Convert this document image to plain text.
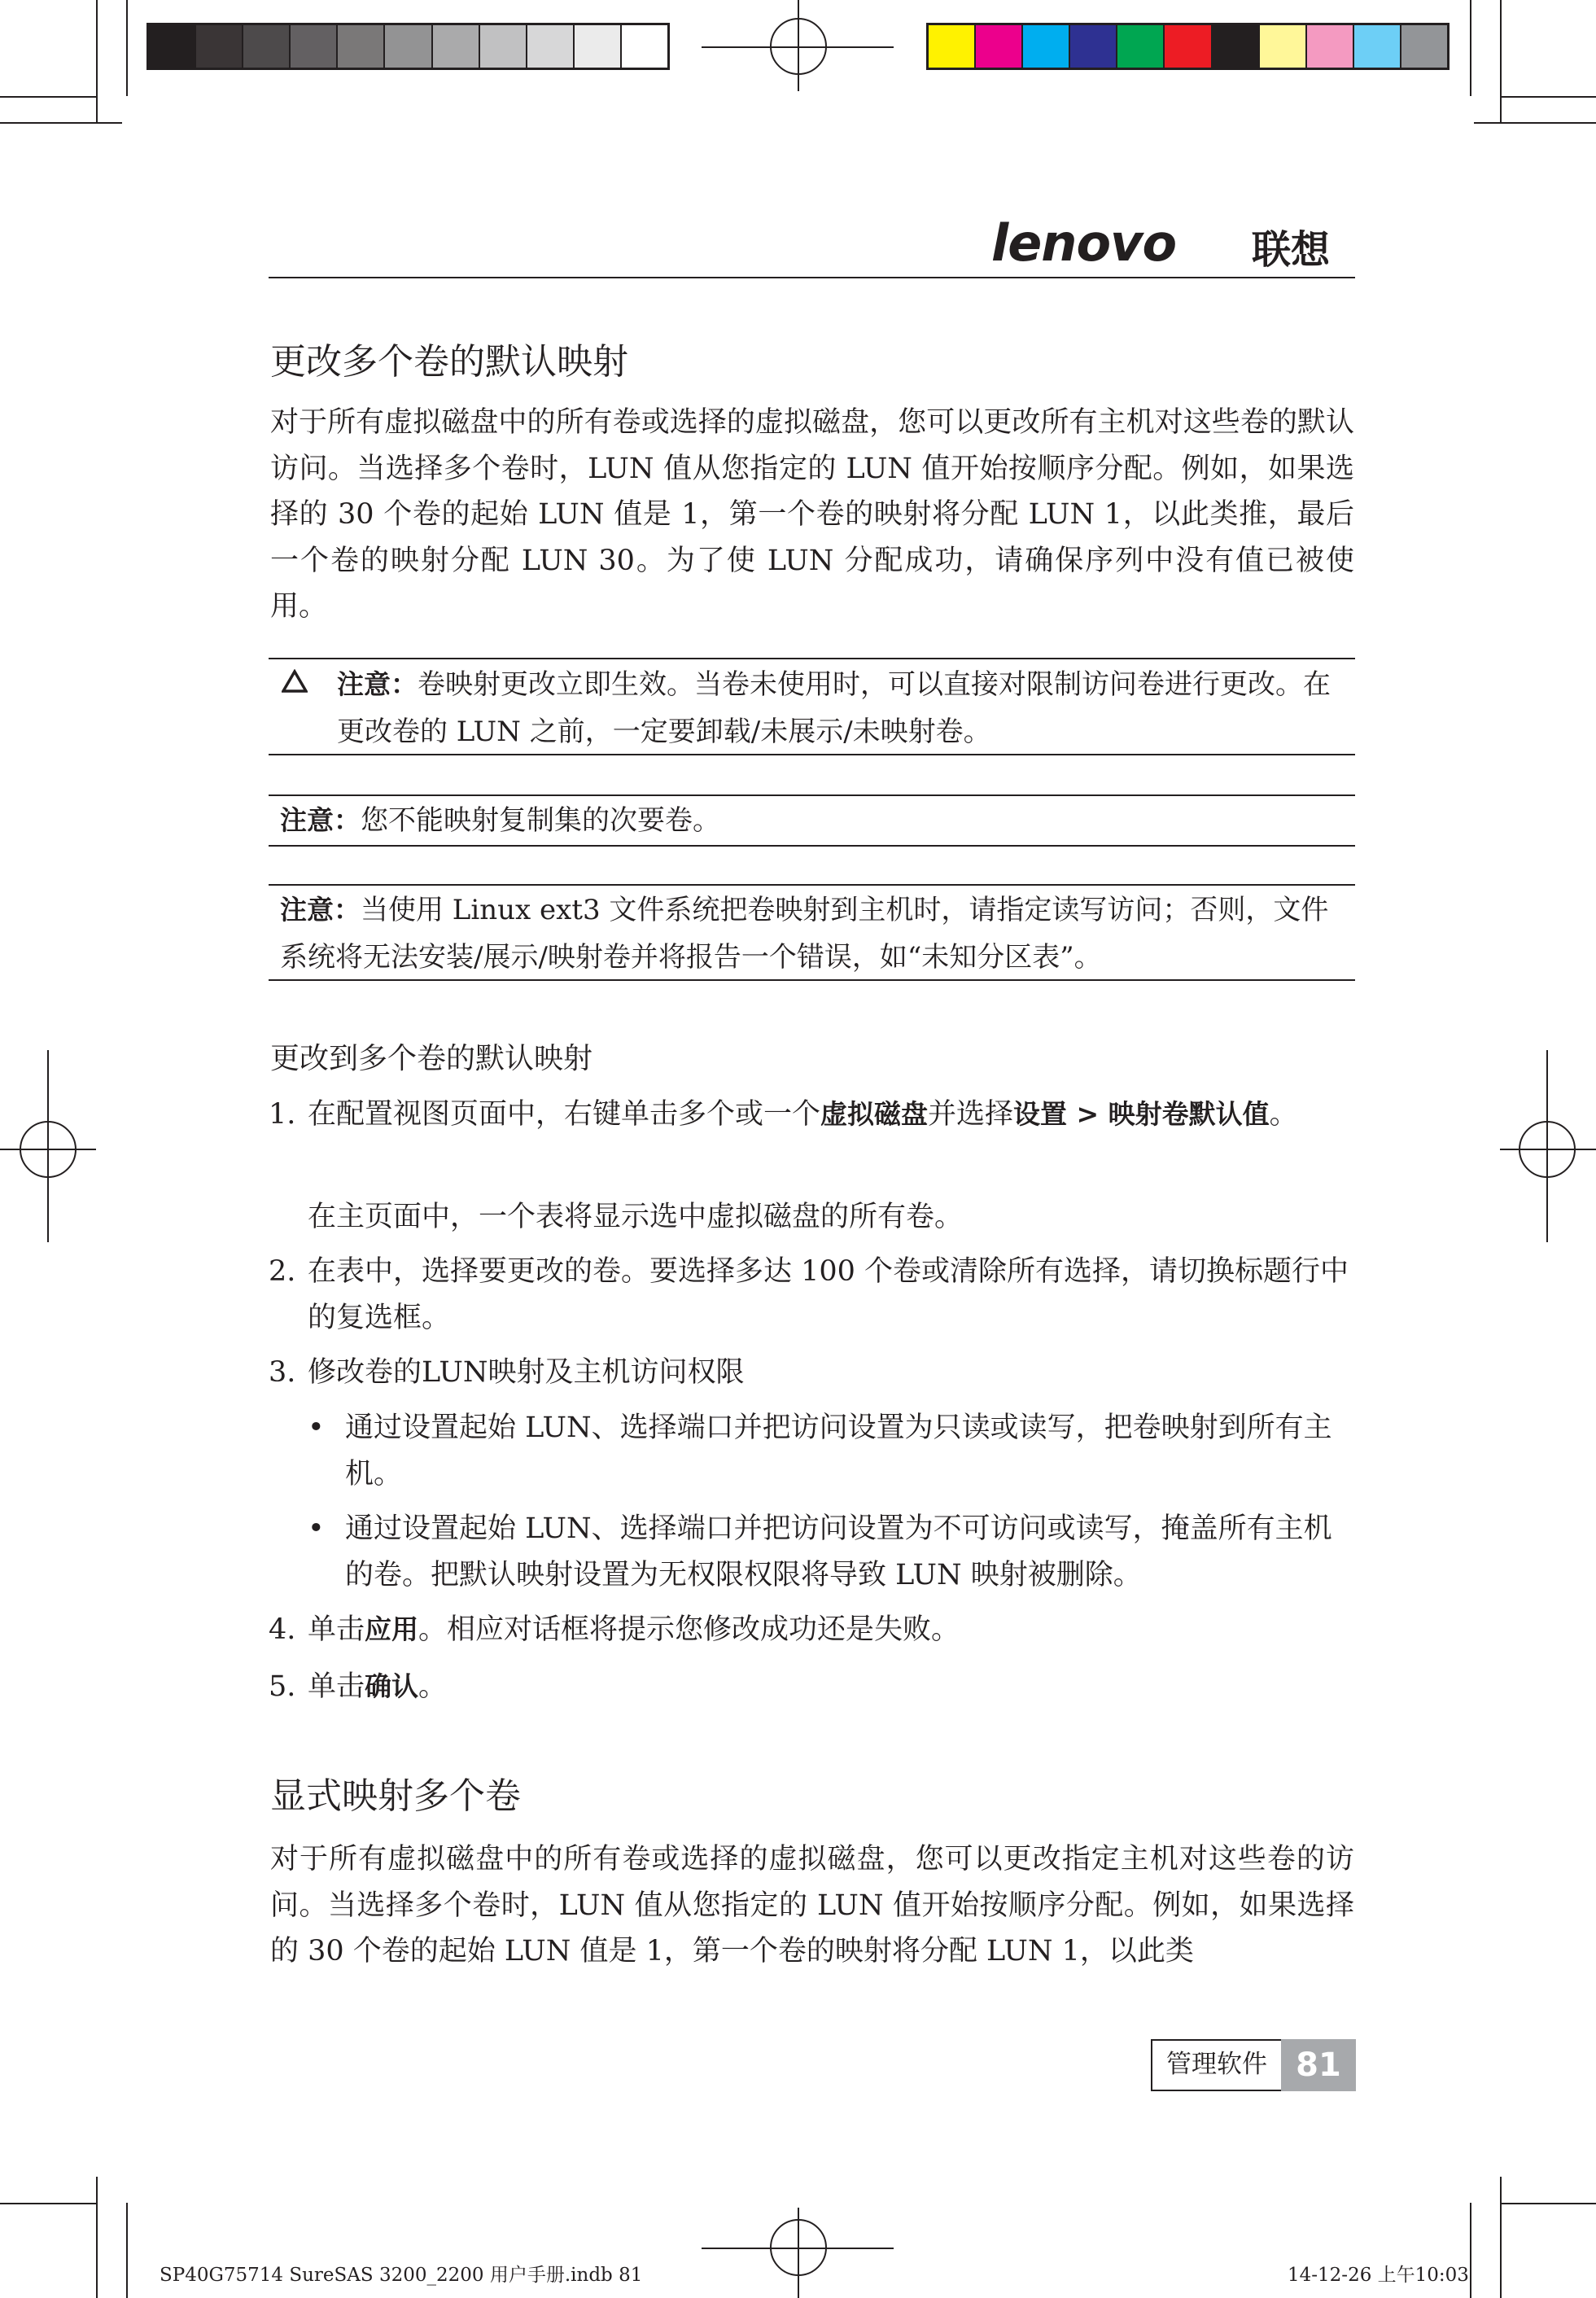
lenovo 联想
更改多个卷的默认映射

对于所有虚拟磁盘中的所有卷或选择的虚拟磁盘，您可以更改所有主机对这些卷的默认访问。当选择多个卷时，LUN 值从您指定的 LUN 值开始按顺序分配。例如，如果选择的 30 个卷的起始 LUN 值是 1，第一个卷的映射将分配 LUN 1，以此类推，最后一个卷的映射分配 LUN 30。为了使 LUN 分配成功，请确保序列中没有值已被使用。

注意：卷映射更改立即生效。当卷未使用时，可以直接对限制访问卷进行更改。在更改卷的 LUN 之前，一定要卸载/未展示/未映射卷。

注意：您不能映射复制集的次要卷。

注意：当使用 Linux ext3 文件系统把卷映射到主机时，请指定读写访问；否则，文件系统将无法安装/展示/映射卷并将报告一个错误，如“未知分区表”。

更改到多个卷的默认映射

1. 在配置视图页面中，右键单击多个或一个虚拟磁盘并选择设置 > 映射卷默认值。

在主页面中，一个表将显示选中虚拟磁盘的所有卷。

2. 在表中，选择要更改的卷。要选择多达 100 个卷或清除所有选择，请切换标题行中的复选框。

3. 修改卷的LUN映射及主机访问权限

• 通过设置起始 LUN、选择端口并把访问设置为只读或读写，把卷映射到所有主机。

• 通过设置起始 LUN、选择端口并把访问设置为不可访问或读写，掩盖所有主机的卷。把默认映射设置为无权限权限将导致 LUN 映射被删除。

4. 单击应用。相应对话框将提示您修改成功还是失败。

5. 单击确认。

显式映射多个卷

对于所有虚拟磁盘中的所有卷或选择的虚拟磁盘，您可以更改指定主机对这些卷的访问。当选择多个卷时，LUN 值从您指定的 LUN 值开始按顺序分配。例如，如果选择的 30 个卷的起始 LUN 值是 1，第一个卷的映射将分配 LUN 1，以此类

管理软件 81
SP40G75714 SureSAS 3200_2200 用户手册.indb 81	14-12-26 上午10:03
